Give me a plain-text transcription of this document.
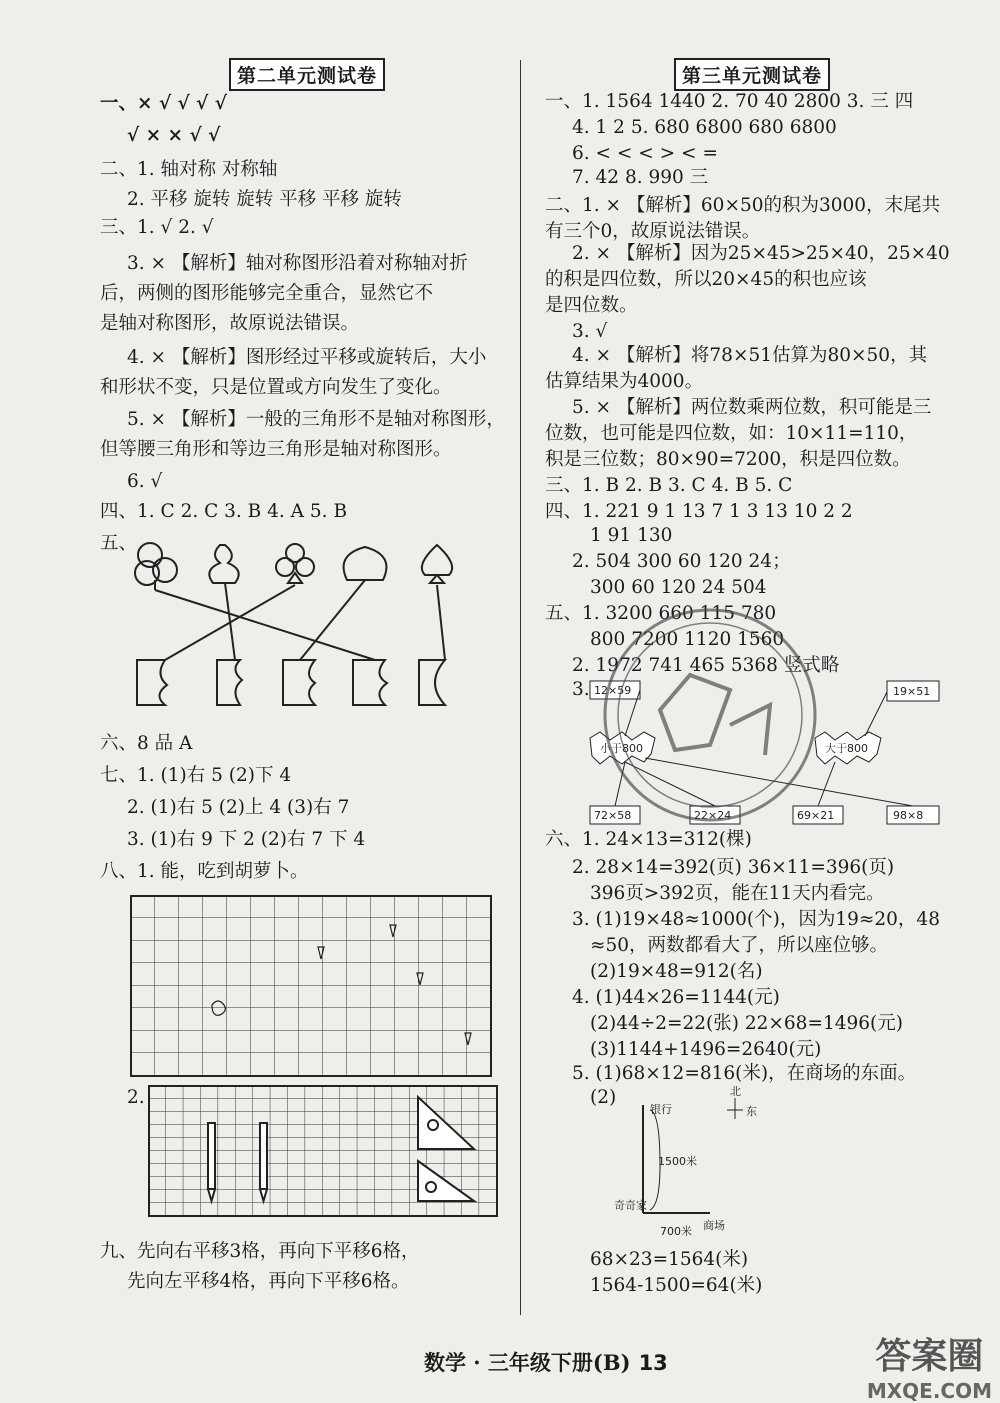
第二单元测试卷
一、× √ √ √ √
√ × × √ √
二、1. 轴对称 对称轴
2. 平移 旋转 旋转 平移 平移 旋转
三、1. √ 2. √
3. × 【解析】轴对称图形沿着对称轴对折
后，两侧的图形能够完全重合，显然它不
是轴对称图形，故原说法错误。
4. × 【解析】图形经过平移或旋转后，大小
和形状不变，只是位置或方向发生了变化。
5. × 【解析】一般的三角形不是轴对称图形，
但等腰三角形和等边三角形是轴对称图形。
6. √
四、1. C 2. C 3. B 4. A 5. B
五、
六、8 品 A
七、1. (1)右 5 (2)下 4
2. (1)右 5 (2)上 4 (3)右 7
3. (1)右 9 下 2 (2)右 7 下 4
八、1. 能，吃到胡萝卜。
2.
九、先向右平移3格，再向下平移6格，
先向左平移4格，再向下平移6格。
第三单元测试卷
一、1. 1564 1440 2. 70 40 2800 3. 三 四
4. 1 2 5. 680 6800 680 6800
6. < < < > < =
7. 42 8. 990 三
二、1. × 【解析】60×50的积为3000，末尾共
有三个0，故原说法错误。
2. × 【解析】因为25×45>25×40，25×40
的积是四位数，所以20×45的积也应该
是四位数。
3. √
4. × 【解析】将78×51估算为80×50，其
估算结果为4000。
5. × 【解析】两位数乘两位数，积可能是三
位数，也可能是四位数，如：10×11=110，
积是三位数；80×90=7200，积是四位数。
三、1. B 2. B 3. C 4. B 5. C
四、1. 221 9 1 13 7 1 3 13 10 2 2
1 91 130
2. 504 300 60 120 24；
300 60 120 24 504
五、1. 3200 660 115 780
800 7200 1120 1560
2. 1972 741 465 5368 竖式略
3. 12×59	19×51
大于800
小于800
72×58	22×24	69×21	98×8
六、1. 24×13=312(棵)
2. 28×14=392(页) 36×11=396(页)
396页>392页，能在11天内看完。
3. (1)19×48≈1000(个)，因为19≈20，48
≈50，两数都看大了，所以座位够。
(2)19×48=912(名)
4. (1)44×26=1144(元)
(2)44÷2=22(张) 22×68=1496(元)
(3)1144+1496=2640(元)
5. (1)68×12=816(米)，在商场的东面。
(2)
银行
北
东
1500米
奇奇家
700米 商场
68×23=1564(米)
1564-1500=64(米)
数学 · 三年级下册(B) 13	答案圈
MXQE.COM
